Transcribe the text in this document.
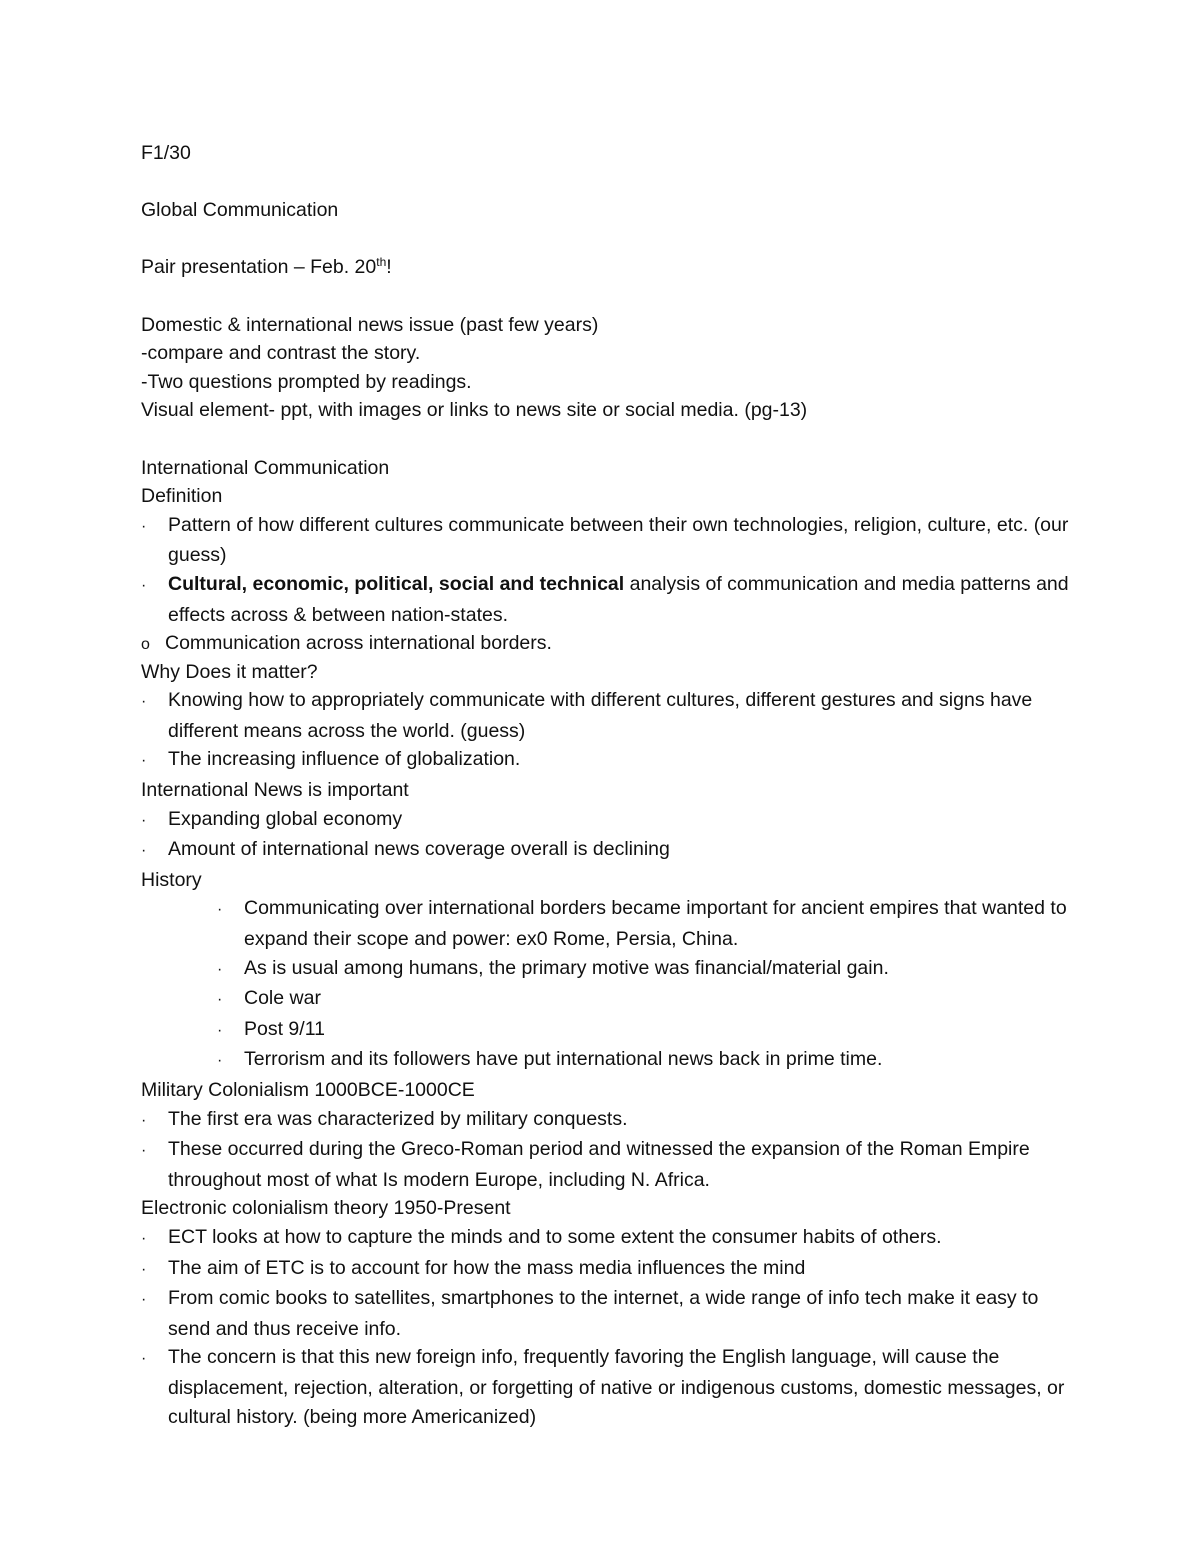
F1/30
Global Communication
Pair presentation – Feb. 20th!
Domestic & international news issue (past few years)
-compare and contrast the story.
-Two questions prompted by readings.
Visual element- ppt, with images or links to news site or social media. (pg-13)
International Communication
Definition
· Pattern of how different cultures communicate between their own technologies, religion, culture, etc. (our guess)
· Cultural, economic, political, social and technical analysis of communication and media patterns and effects across & between nation-states.
o Communication across international borders.
Why Does it matter?
· Knowing how to appropriately communicate with different cultures, different gestures and signs have different means across the world. (guess)
· The increasing influence of globalization.
International News is important
· Expanding global economy
· Amount of international news coverage overall is declining
History
· Communicating over international borders became important for ancient empires that wanted to expand their scope and power: ex0 Rome, Persia, China.
· As is usual among humans, the primary motive was financial/material gain.
· Cole war
· Post 9/11
· Terrorism and its followers have put international news back in prime time.
Military Colonialism 1000BCE-1000CE
· The first era was characterized by military conquests.
· These occurred during the Greco-Roman period and witnessed the expansion of the Roman Empire throughout most of what Is modern Europe, including N. Africa.
Electronic colonialism theory 1950-Present
· ECT looks at how to capture the minds and to some extent the consumer habits of others.
· The aim of ETC is to account for how the mass media influences the mind
· From comic books to satellites, smartphones to the internet, a wide range of info tech make it easy to send and thus receive info.
· The concern is that this new foreign info, frequently favoring the English language, will cause the displacement, rejection, alteration, or forgetting of native or indigenous customs, domestic messages, or cultural history. (being more Americanized)
